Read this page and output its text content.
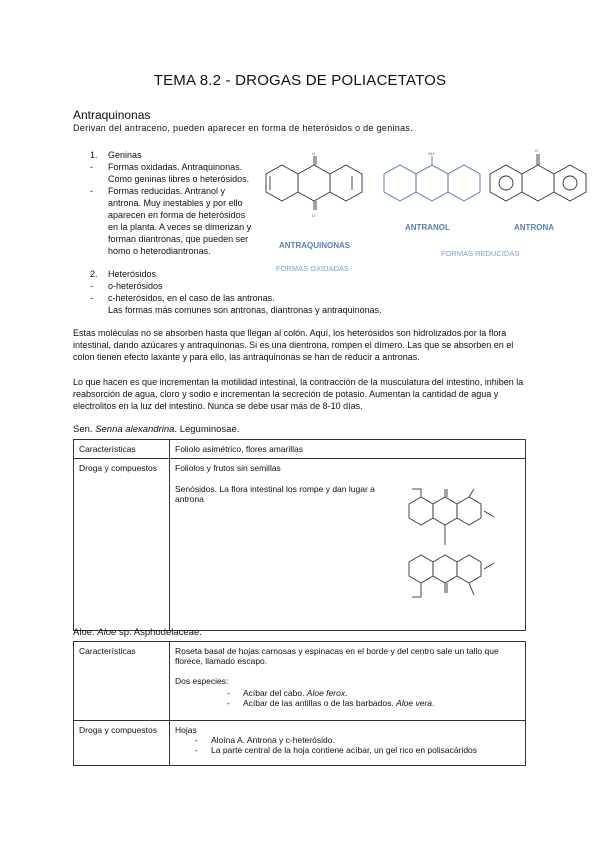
TEMA 8.2 - DROGAS DE POLIACETATOS
Antraquinonas
Derivan del antraceno, pueden aparecer en forma de heterósidos o de geninas.
1. Geninas
- Formas oxidadas. Antraquinonas.
Como geninas libres o heterósidos.
- Formas reducidas. Antranol y
antrona. Muy inestables y por ello
aparecen en forma de heterósidos
en la planta. A veces se dimerizan y
forman diantronas, que pueden ser
homo o heterodiantronas.
2. Heterósidos
- o-heterósidos
- c-heterósidos, en el caso de las antronas.
Las formas más comunes son antronas, diantronas y antraquinonas.
O
O
OH
O
ANTRAQUINONAS
ANTRANOL	ANTRONA
FORMAS OXIDADAS
FORMAS REDUCIDAS
Estas moléculas no se absorben hasta que llegan al colón. Aquí, los heterósidos son hidrolizados por la flora
intestinal, dando azúcares y antraquinonas. Si es una dientrona, rompen el dímero. Las que se absorben en el
colon tienen efecto laxante y para ello, las antraquinonas se han de reducir a antronas.
Lo que hacen es que incrementan la motilidad intestinal, la contracción de la musculatura del intestino, inhiben la
reabsorción de agua, cloro y sodio e incrementan la secreción de potasio. Aumentan la cantidad de agua y
electrolitos en la luz del intestino. Nunca se debe usar más de 8-10 días.
Sen. Senna alexandrina. Leguminosae.
Características	Foliolo asimétrico, flores amarillas
Droga y compuestos	Foliolos y frutos sin semillas
Senósidos. La flora intestinal los rompe y dan lugar a
antrona
Aloe. Aloe sp. Asphodelaceae.
Características	Roseta basal de hojas carnosas y espinacas en el borde y del centro sale un tallo que
florece, llamado escapo.
Dos especies:
- Acíbar del cabo. Aloe ferox.
- Acíbar de las antillas o de las barbados. Aloe vera.

Droga y compuestos	Hojas
- Aloína A. Antrona y c-heterósido.
- La parte central de la hoja contiene acíbar, un gel rico en polisacáridos
